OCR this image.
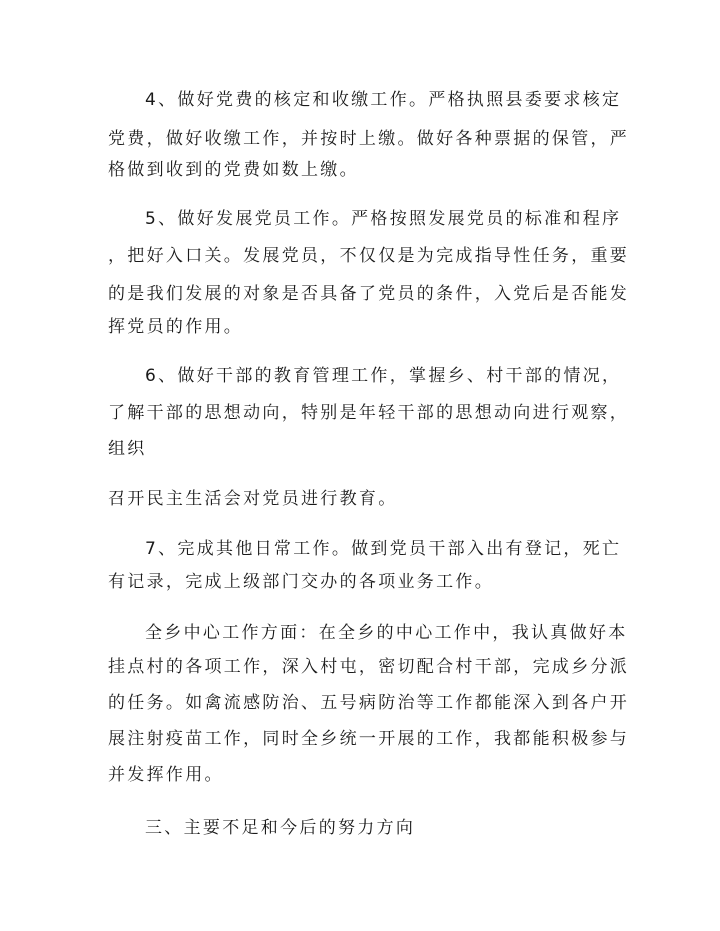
4、做好党费的核定和收缴工作。严格执照县委要求核定
党费，做好收缴工作，并按时上缴。做好各种票据的保管，严
格做到收到的党费如数上缴。
5、做好发展党员工作。严格按照发展党员的标准和程序
，把好入口关。发展党员，不仅仅是为完成指导性任务，重要
的是我们发展的对象是否具备了党员的条件，入党后是否能发
挥党员的作用。
6、做好干部的教育管理工作，掌握乡、村干部的情况，
了解干部的思想动向，特别是年轻干部的思想动向进行观察，
组织
召开民主生活会对党员进行教育。
7、完成其他日常工作。做到党员干部入出有登记，死亡
有记录，完成上级部门交办的各项业务工作。
全乡中心工作方面：在全乡的中心工作中，我认真做好本
挂点村的各项工作，深入村屯，密切配合村干部，完成乡分派
的任务。如禽流感防治、五号病防治等工作都能深入到各户开
展注射疫苗工作，同时全乡统一开展的工作，我都能积极参与
并发挥作用。
三、主要不足和今后的努力方向
